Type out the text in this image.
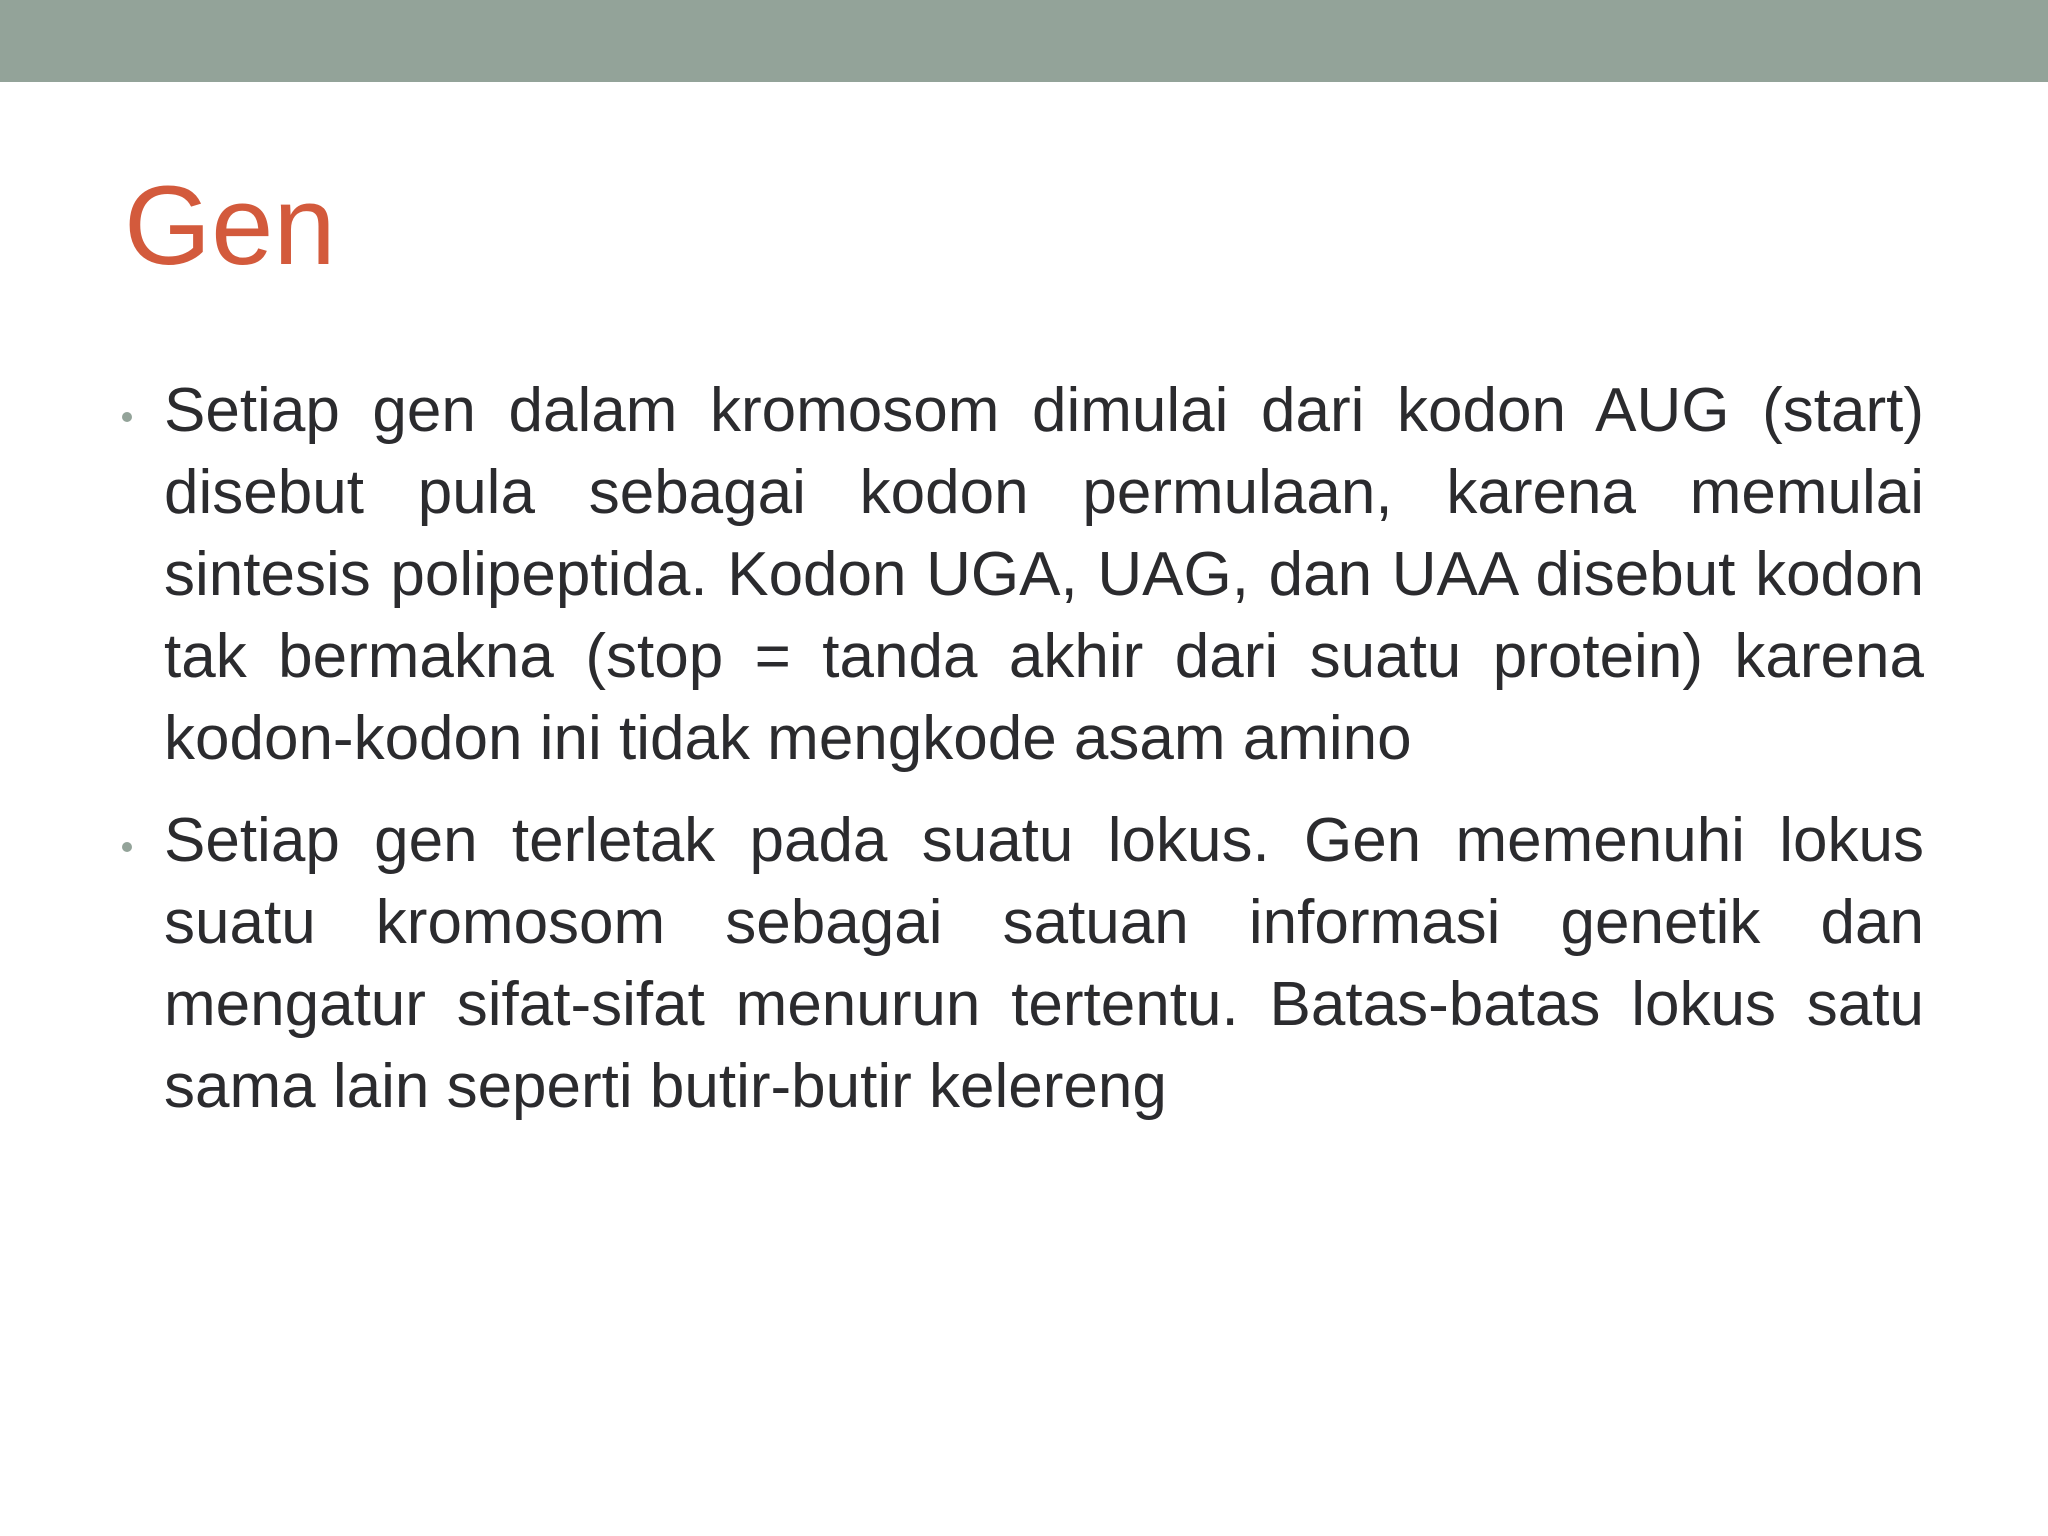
Gen
Setiap gen dalam kromosom dimulai dari kodon AUG (start) disebut pula sebagai kodon permulaan, karena memulai sintesis polipeptida. Kodon UGA, UAG, dan UAA disebut kodon tak bermakna (stop = tanda akhir dari suatu protein) karena kodon-kodon ini tidak mengkode asam amino
Setiap gen terletak pada suatu lokus. Gen memenuhi lokus suatu kromosom sebagai satuan informasi genetik dan mengatur sifat-sifat menurun tertentu. Batas-batas lokus satu sama lain seperti butir-butir kelereng
